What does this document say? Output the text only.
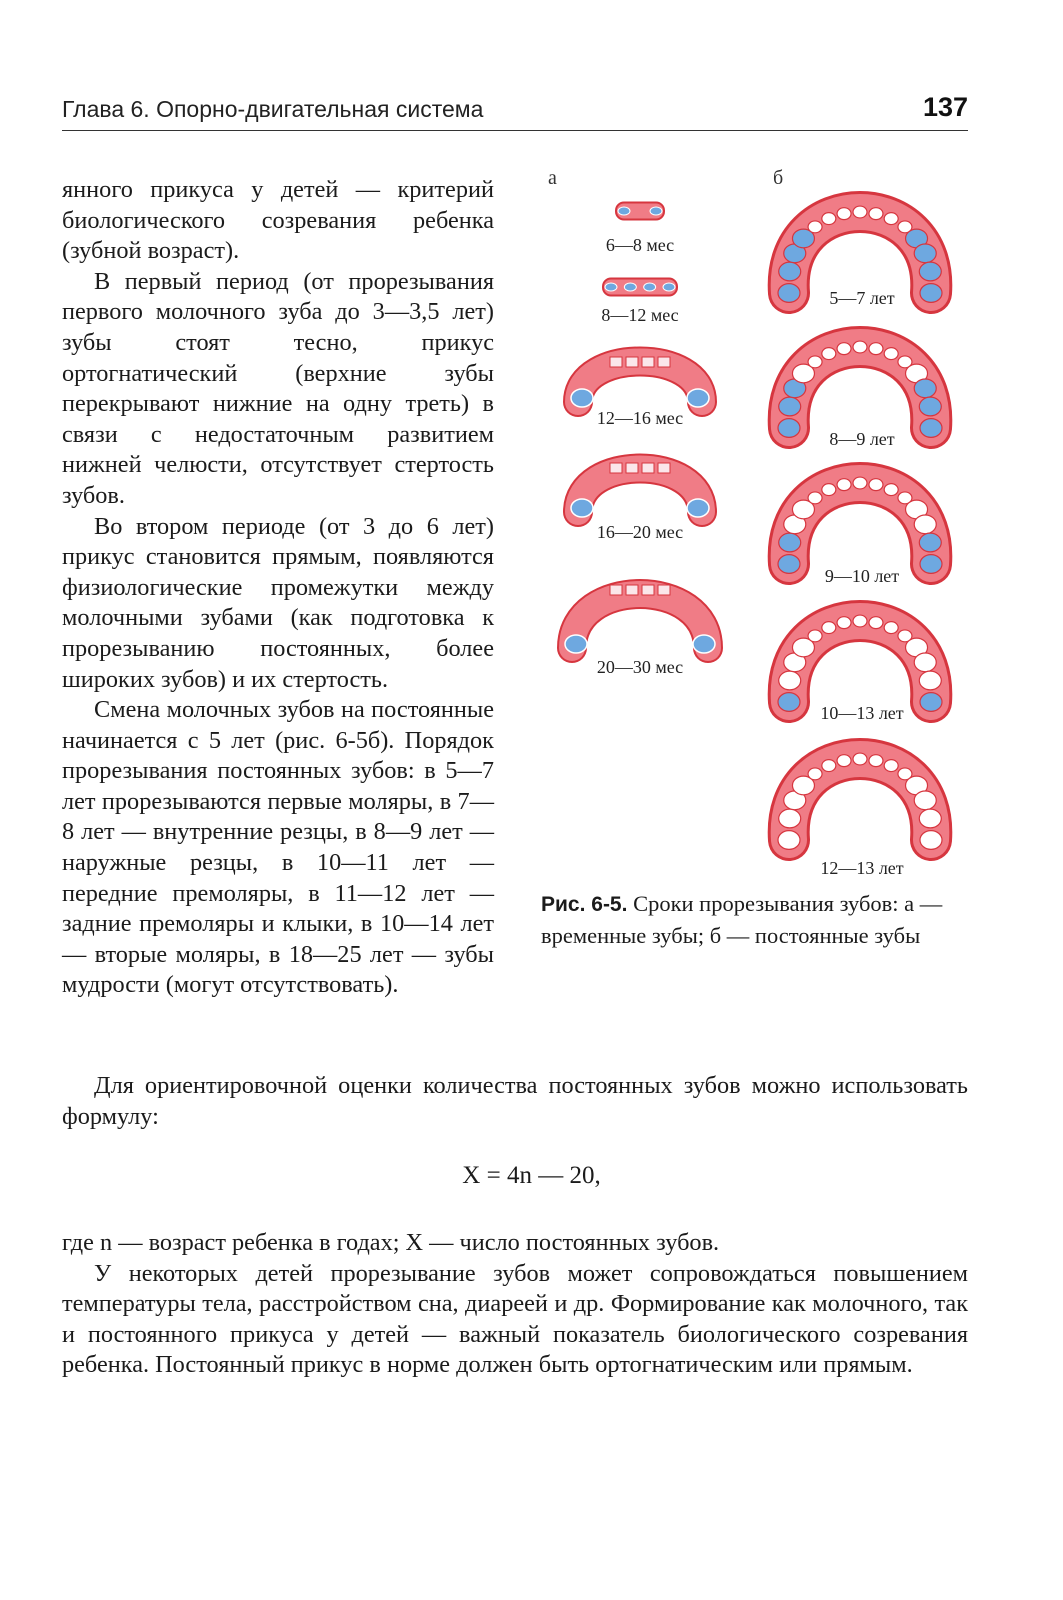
Глава 6. Опорно-двигательная система	137

янного прикуса у детей — критерий биологического созревания ребенка (зубной возраст).

В первый период (от прорезывания первого молочного зуба до 3—3,5 лет) зубы стоят тесно, прикус ортогнатический (верхние зубы перекрывают нижние на одну треть) в связи с недостаточным развитием нижней челюсти, отсутствует стертость зубов.

Во втором периоде (от 3 до 6 лет) прикус становится прямым, появляются физиологические промежутки между молочными зубами (как подготовка к прорезыванию постоянных, более широких зубов) и их стертость.

Смена молочных зубов на постоянные начинается с 5 лет (рис. 6-5б). Порядок прорезывания постоянных зубов: в 5—7 лет прорезываются первые моляры, в 7—8 лет — внутренние резцы, в 8—9 лет — наружные резцы, в 10—11 лет — передние премоляры, в 11—12 лет — задние премоляры и клыки, в 10—14 лет — вторые моляры, в 18—25 лет — зубы мудрости (могут отсутствовать).

а	б
6—8 мес
8—12 мес
12—16 мес
16—20 мес
20—30 мес
5—7 лет
8—9 лет
9—10 лет
10—13 лет
12—13 лет
Рис. 6-5. Сроки прорезывания зубов: а — временные зубы; б — постоянные зубы

Для ориентировочной оценки количества постоянных зубов можно использовать формулу:

X = 4n — 20,

где n — возраст ребенка в годах; X — число постоянных зубов.

У некоторых детей прорезывание зубов может сопровождаться повышением температуры тела, расстройством сна, диареей и др. Формирование как молочного, так и постоянного прикуса у детей — важный показатель биологического созревания ребенка. Постоянный прикус в норме должен быть ортогнатическим или прямым.
